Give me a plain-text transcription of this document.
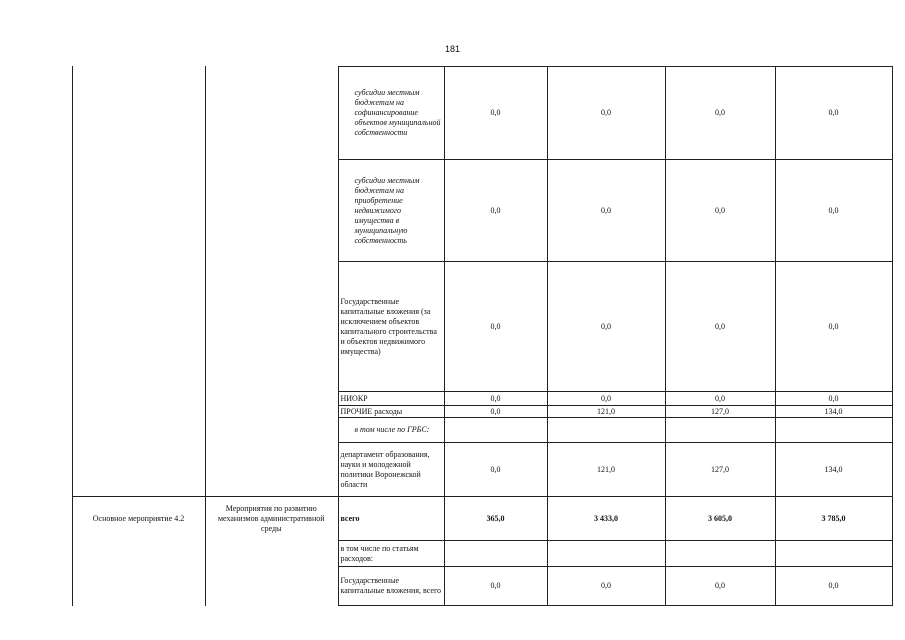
181
		субсидии местным бюджетам на софинансирование объектов муниципальной собственности	0,0	0,0	0,0	0,0
		субсидии местным бюджетам на приобретение недвижимого имущества в муниципальную собственность	0,0	0,0	0,0	0,0
		Государственные капитальные вложения (за исключением объектов капитального строительства и объектов недвижимого имущества)	0,0	0,0	0,0	0,0
		НИОКР	0,0	0,0	0,0	0,0
		ПРОЧИЕ расходы	0,0	121,0	127,0	134,0
		в том числе по ГРБС:				
		департамент образования, науки и молодежной политики Воронежской области	0,0	121,0	127,0	134,0
Основное мероприятие 4.2	Мероприятия по развитию механизмов административной среды	всего	365,0	3 433,0	3 605,0	3 785,0
		в том числе по статьям расходов:				
		Государственные капитальные вложения, всего	0,0	0,0	0,0	0,0
